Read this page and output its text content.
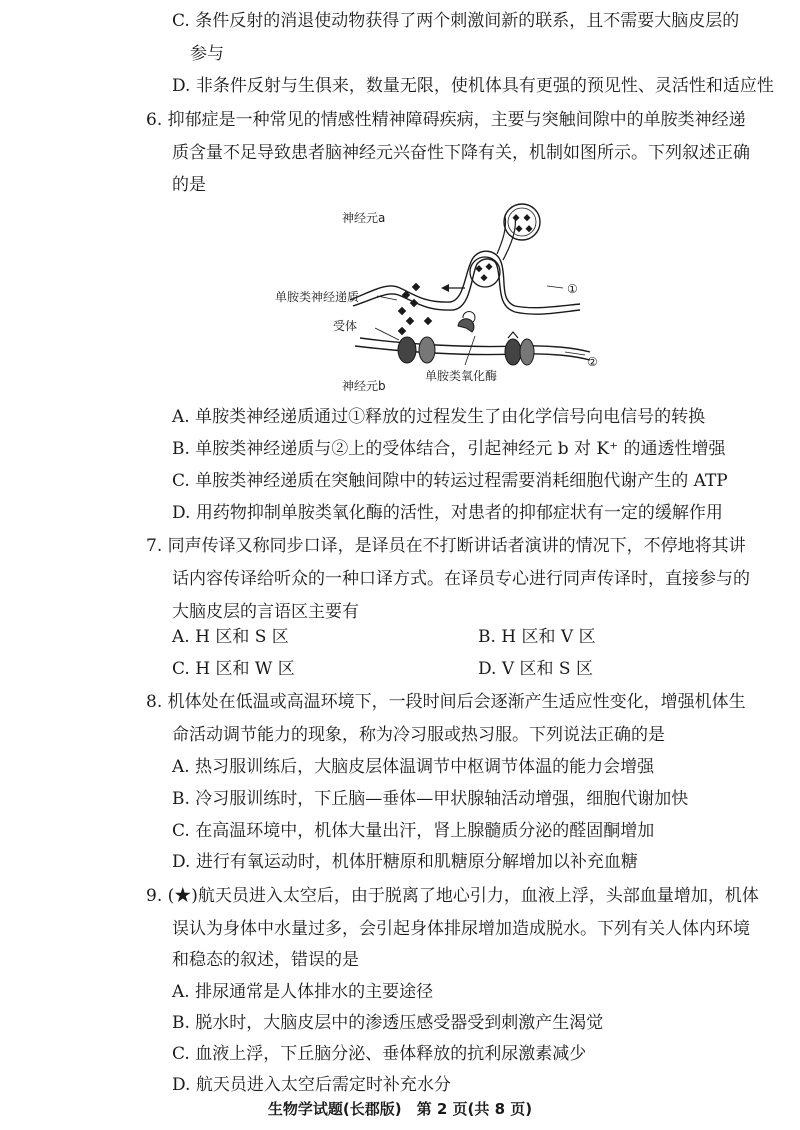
C. 条件反射的消退使动物获得了两个刺激间新的联系，且不需要大脑皮层的
参与
D. 非条件反射与生俱来，数量无限，使机体具有更强的预见性、灵活性和适应性
6. 抑郁症是一种常见的情感性精神障碍疾病，主要与突触间隙中的单胺类神经递
质含量不足导致患者脑神经元兴奋性下降有关，机制如图所示。下列叙述正确
的是
神经元a
单胺类神经递质
受体
单胺类氧化酶
神经元b
①
②
A. 单胺类神经递质通过①释放的过程发生了由化学信号向电信号的转换
B. 单胺类神经递质与②上的受体结合，引起神经元 b 对 K⁺ 的通透性增强
C. 单胺类神经递质在突触间隙中的转运过程需要消耗细胞代谢产生的 ATP
D. 用药物抑制单胺类氧化酶的活性，对患者的抑郁症状有一定的缓解作用
7. 同声传译又称同步口译，是译员在不打断讲话者演讲的情况下，不停地将其讲
话内容传译给听众的一种口译方式。在译员专心进行同声传译时，直接参与的
大脑皮层的言语区主要有
A. H 区和 S 区	B. H 区和 V 区
C. H 区和 W 区	D. V 区和 S 区
8. 机体处在低温或高温环境下，一段时间后会逐渐产生适应性变化，增强机体生
命活动调节能力的现象，称为冷习服或热习服。下列说法正确的是
A. 热习服训练后，大脑皮层体温调节中枢调节体温的能力会增强
B. 冷习服训练时，下丘脑—垂体—甲状腺轴活动增强，细胞代谢加快
C. 在高温环境中，机体大量出汗，肾上腺髓质分泌的醛固酮增加
D. 进行有氧运动时，机体肝糖原和肌糖原分解增加以补充血糖
9. (★)航天员进入太空后，由于脱离了地心引力，血液上浮，头部血量增加，机体
误认为身体中水量过多，会引起身体排尿增加造成脱水。下列有关人体内环境
和稳态的叙述，错误的是
A. 排尿通常是人体排水的主要途径
B. 脱水时，大脑皮层中的渗透压感受器受到刺激产生渴觉
C. 血液上浮，下丘脑分泌、垂体释放的抗利尿激素减少
D. 航天员进入太空后需定时补充水分
生物学试题(长郡版)　第 2 页(共 8 页)
